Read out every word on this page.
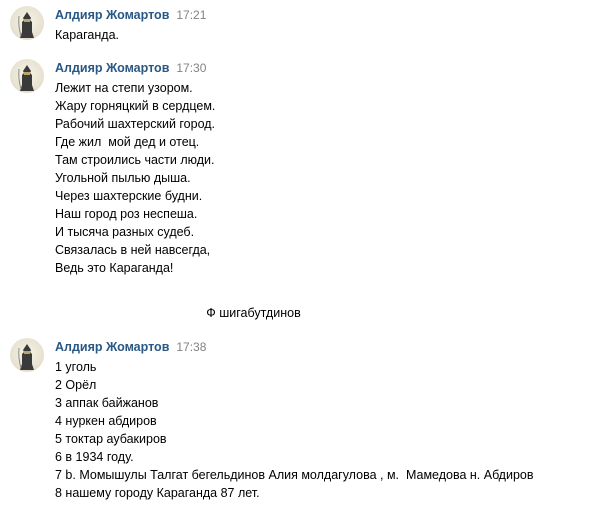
Алдияр Жомартов 17:21
Караганда.
Алдияр Жомартов 17:30
Лежит на степи узором.
Жару горняцкий в сердцем.
Рабочий шахтерский город.
Где жил  мой дед и отец.
Там строились части люди.
Угольной пылью дыша.
Через шахтерские будни.
Наш город роз неспеша.
И тысяча разных судеб.
Связалась в ней навсегда,
Ведь это Караганда!
Ф шигабутдинов
Алдияр Жомартов 17:38
1 уголь
2 Орёл
3 аппак байжанов
4 нуркен абдиров
5 токтар аубакиров
6 в 1934 году.
7 b. Момышулы Талгат бегельдинов Алия молдагулова , м.  Мамедова н. Абдиров
8 нашему городу Караганда 87 лет.
